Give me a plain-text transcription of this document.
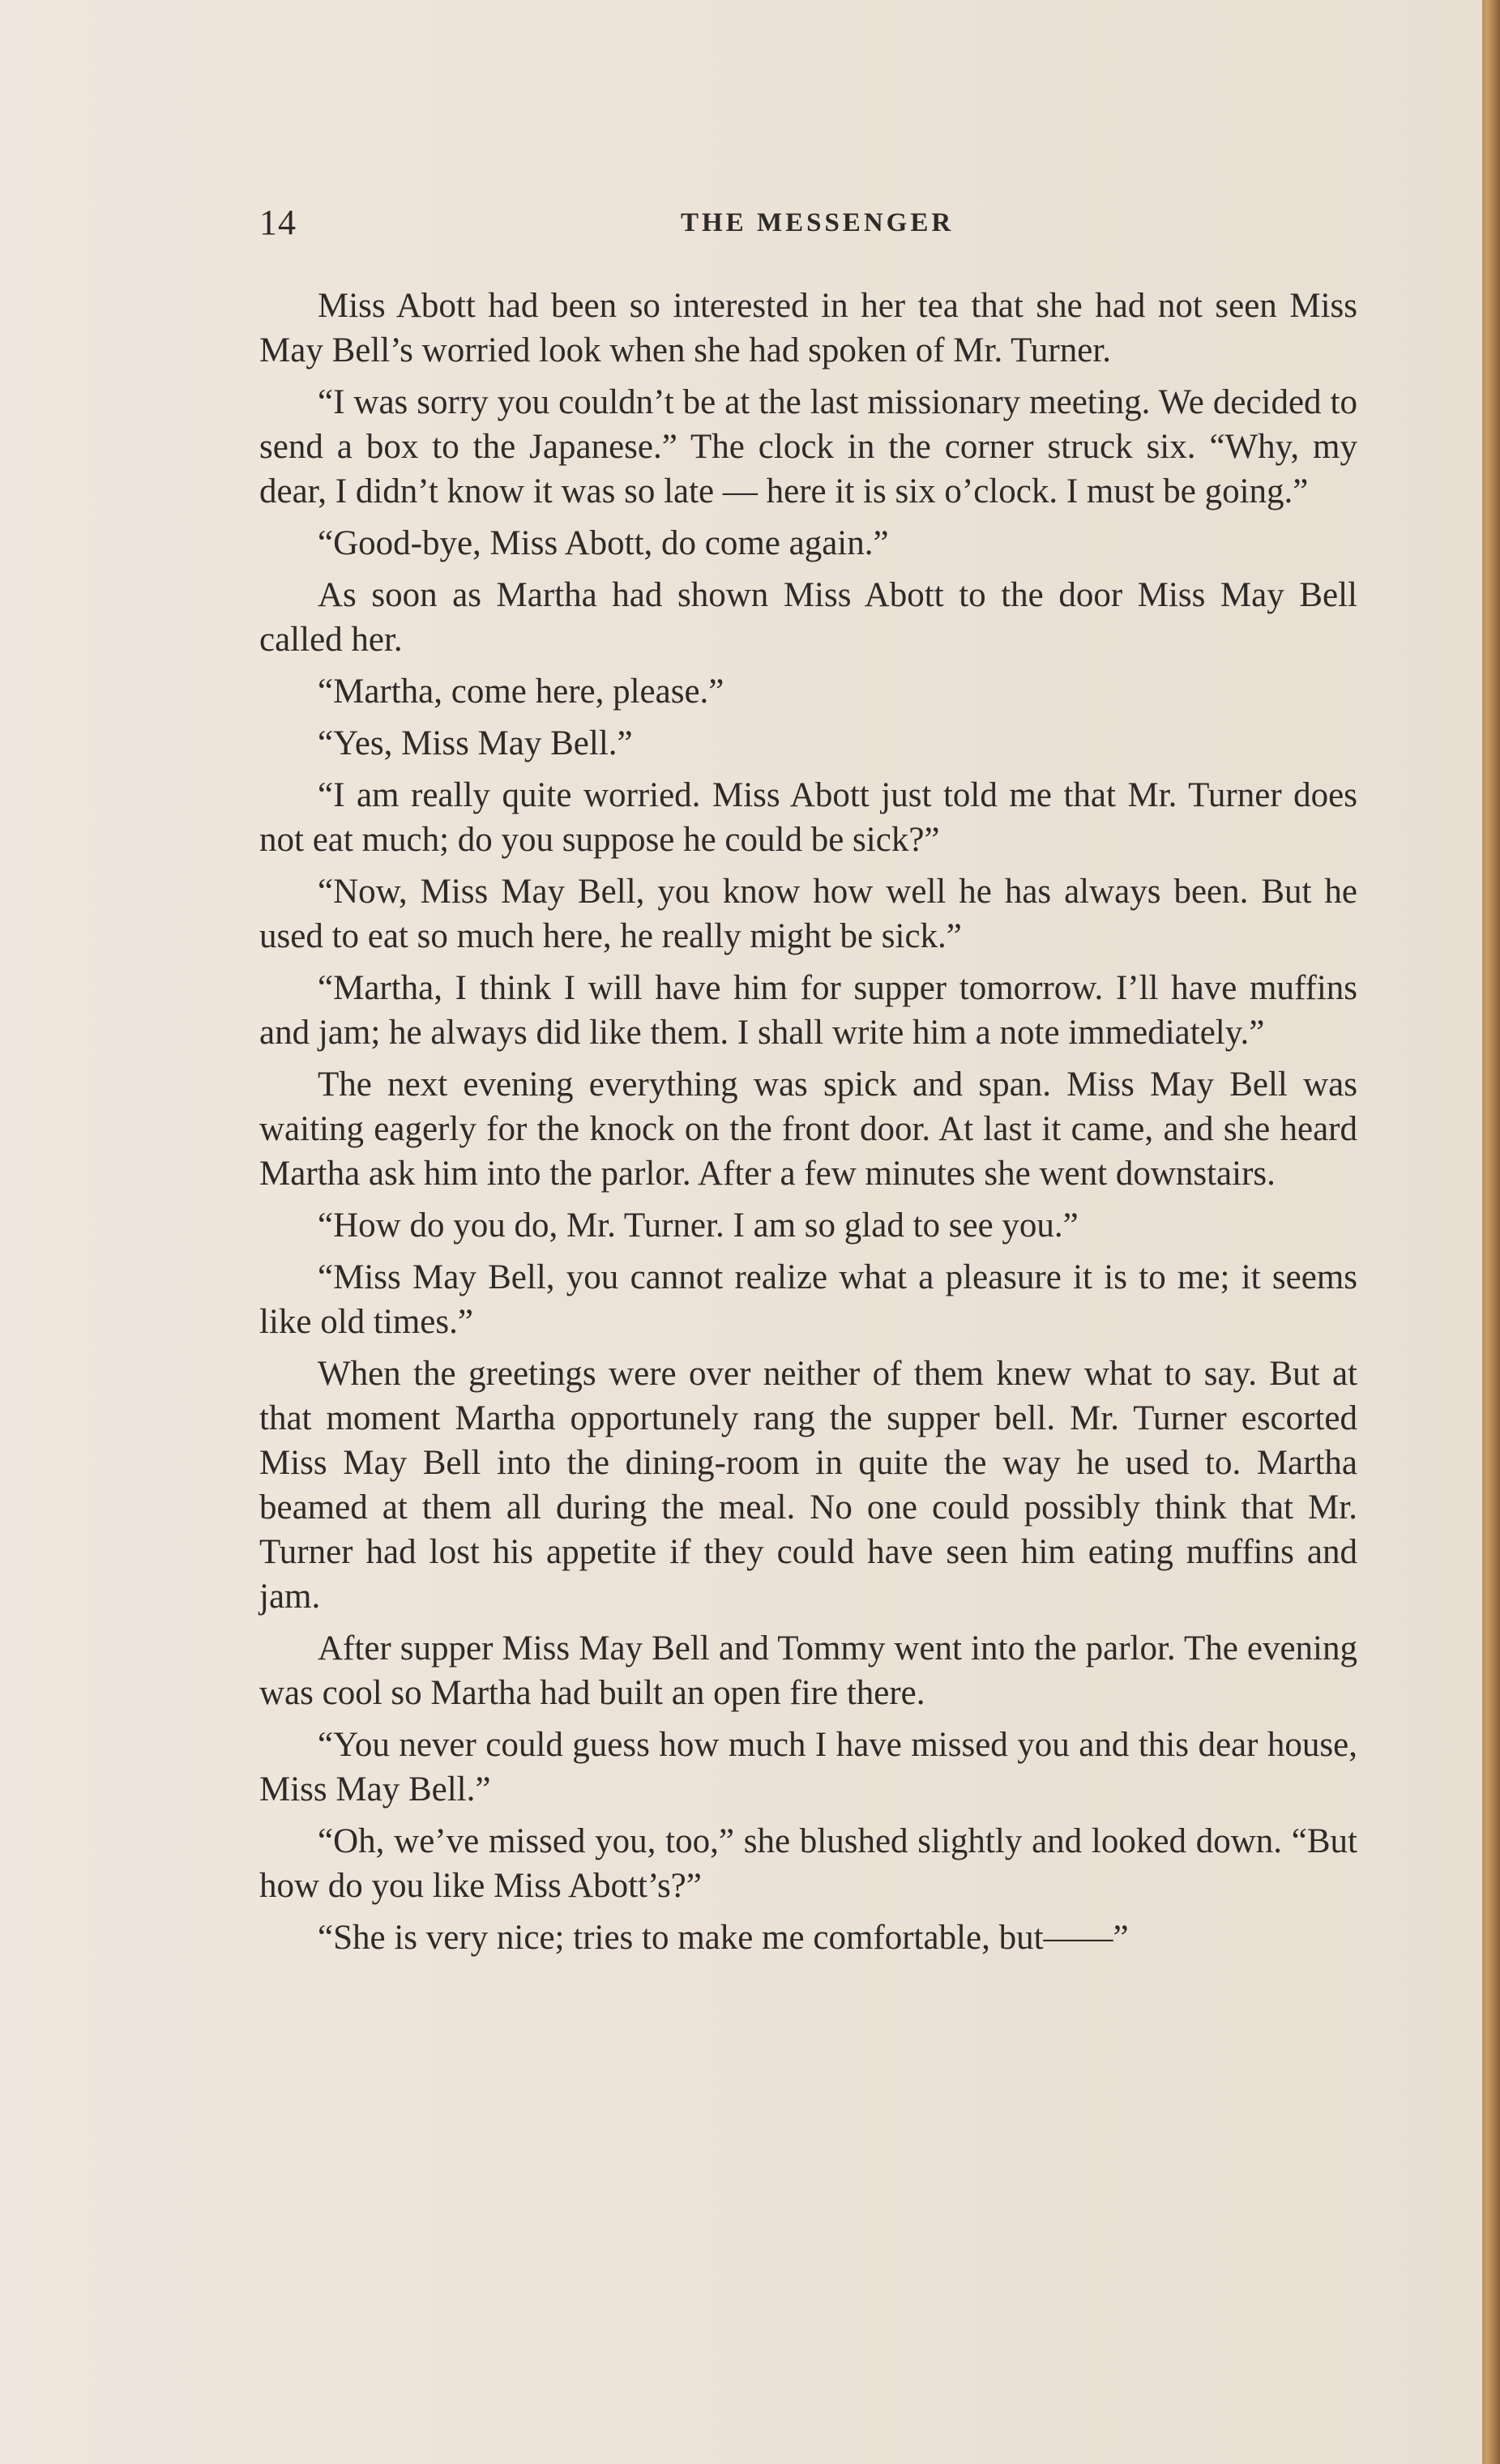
14	THE MESSENGER

Miss Abott had been so interested in her tea that she had not seen Miss May Bell’s worried look when she had spoken of Mr. Turner.

“I was sorry you couldn’t be at the last missionary meeting. We decided to send a box to the Japanese.” The clock in the corner struck six. “Why, my dear, I didn’t know it was so late — here it is six o’clock. I must be going.”

“Good-bye, Miss Abott, do come again.”

As soon as Martha had shown Miss Abott to the door Miss May Bell called her.

“Martha, come here, please.”

“Yes, Miss May Bell.”

“I am really quite worried. Miss Abott just told me that Mr. Turner does not eat much; do you suppose he could be sick?”

“Now, Miss May Bell, you know how well he has always been. But he used to eat so much here, he really might be sick.”

“Martha, I think I will have him for supper tomorrow. I’ll have muffins and jam; he always did like them. I shall write him a note immediately.”

The next evening everything was spick and span. Miss May Bell was waiting eagerly for the knock on the front door. At last it came, and she heard Martha ask him into the parlor. After a few minutes she went downstairs.

“How do you do, Mr. Turner. I am so glad to see you.”

“Miss May Bell, you cannot realize what a pleasure it is to me; it seems like old times.”

When the greetings were over neither of them knew what to say. But at that moment Martha opportunely rang the supper bell. Mr. Turner escorted Miss May Bell into the dining-room in quite the way he used to. Martha beamed at them all during the meal. No one could possibly think that Mr. Turner had lost his appetite if they could have seen him eating muffins and jam.

After supper Miss May Bell and Tommy went into the parlor. The evening was cool so Martha had built an open fire there.

“You never could guess how much I have missed you and this dear house, Miss May Bell.”

“Oh, we’ve missed you, too,” she blushed slightly and looked down. “But how do you like Miss Abott’s?”

“She is very nice; tries to make me comfortable, but——”
